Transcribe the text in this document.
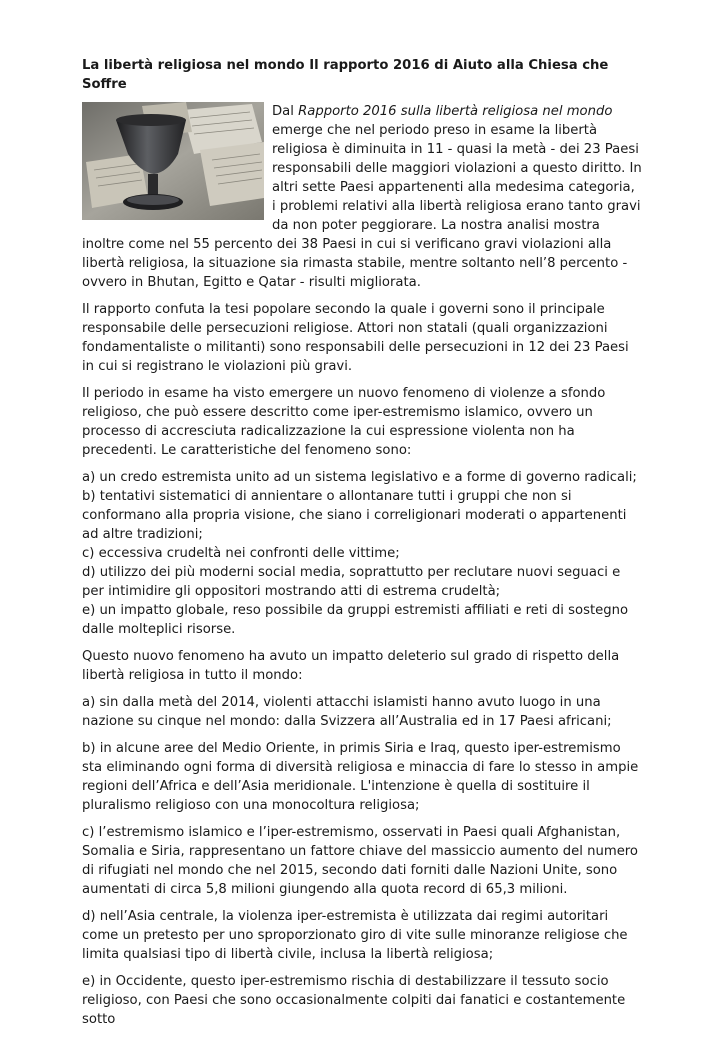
La libertà religiosa nel mondo Il rapporto 2016 di Aiuto alla Chiesa che Soffre

Dal Rapporto 2016 sulla libertà religiosa nel mondo emerge che nel periodo preso in esame la libertà religiosa è diminuita in 11 - quasi la metà - dei 23 Paesi responsabili delle maggiori violazioni a questo diritto. In altri sette Paesi appartenenti alla medesima categoria, i problemi relativi alla libertà religiosa erano tanto gravi da non poter peggiorare. La nostra analisi mostra inoltre come nel 55 percento dei 38 Paesi in cui si verificano gravi violazioni alla libertà religiosa, la situazione sia rimasta stabile, mentre soltanto nell’8 percento - ovvero in Bhutan, Egitto e Qatar - risulti migliorata.

Il rapporto confuta la tesi popolare secondo la quale i governi sono il principale responsabile delle persecuzioni religiose. Attori non statali (quali organizzazioni fondamentaliste o militanti) sono responsabili delle persecuzioni in 12 dei 23 Paesi in cui si registrano le violazioni più gravi.

Il periodo in esame ha visto emergere un nuovo fenomeno di violenze a sfondo religioso, che può essere descritto come iper-estremismo islamico, ovvero un processo di accresciuta radicalizzazione la cui espressione violenta non ha precedenti. Le caratteristiche del fenomeno sono:

a) un credo estremista unito ad un sistema legislativo e a forme di governo radicali;

b) tentativi sistematici di annientare o allontanare tutti i gruppi che non si conformano alla propria visione, che siano i correligionari moderati o appartenenti ad altre tradizioni;

c) eccessiva crudeltà nei confronti delle vittime;

d) utilizzo dei più moderni social media, soprattutto per reclutare nuovi seguaci e per intimidire gli oppositori mostrando atti di estrema crudeltà;

e) un impatto globale, reso possibile da gruppi estremisti affiliati e reti di sostegno dalle molteplici risorse.

Questo nuovo fenomeno ha avuto un impatto deleterio sul grado di rispetto della libertà religiosa in tutto il mondo:

a) sin dalla metà del 2014, violenti attacchi islamisti hanno avuto luogo in una nazione su cinque nel mondo: dalla Svizzera all’Australia ed in 17 Paesi africani;

b) in alcune aree del Medio Oriente, in primis Siria e Iraq, questo iper-estremismo sta eliminando ogni forma di diversità religiosa e minaccia di fare lo stesso in ampie regioni dell’Africa e dell’Asia meridionale. L'intenzione è quella di sostituire il pluralismo religioso con una monocoltura religiosa;

c) l’estremismo islamico e l’iper-estremismo, osservati in Paesi quali Afghanistan, Somalia e Siria, rappresentano un fattore chiave del massiccio aumento del numero di rifugiati nel mondo che nel 2015, secondo dati forniti dalle Nazioni Unite, sono aumentati di circa 5,8 milioni giungendo alla quota record di 65,3 milioni.

d) nell’Asia centrale, la violenza iper-estremista è utilizzata dai regimi autoritari come un pretesto per uno sproporzionato giro di vite sulle minoranze religiose che limita qualsiasi tipo di libertà civile, inclusa la libertà religiosa;

e) in Occidente, questo iper-estremismo rischia di destabilizzare il tessuto socio religioso, con Paesi che sono occasionalmente colpiti dai fanatici e costantemente sotto
